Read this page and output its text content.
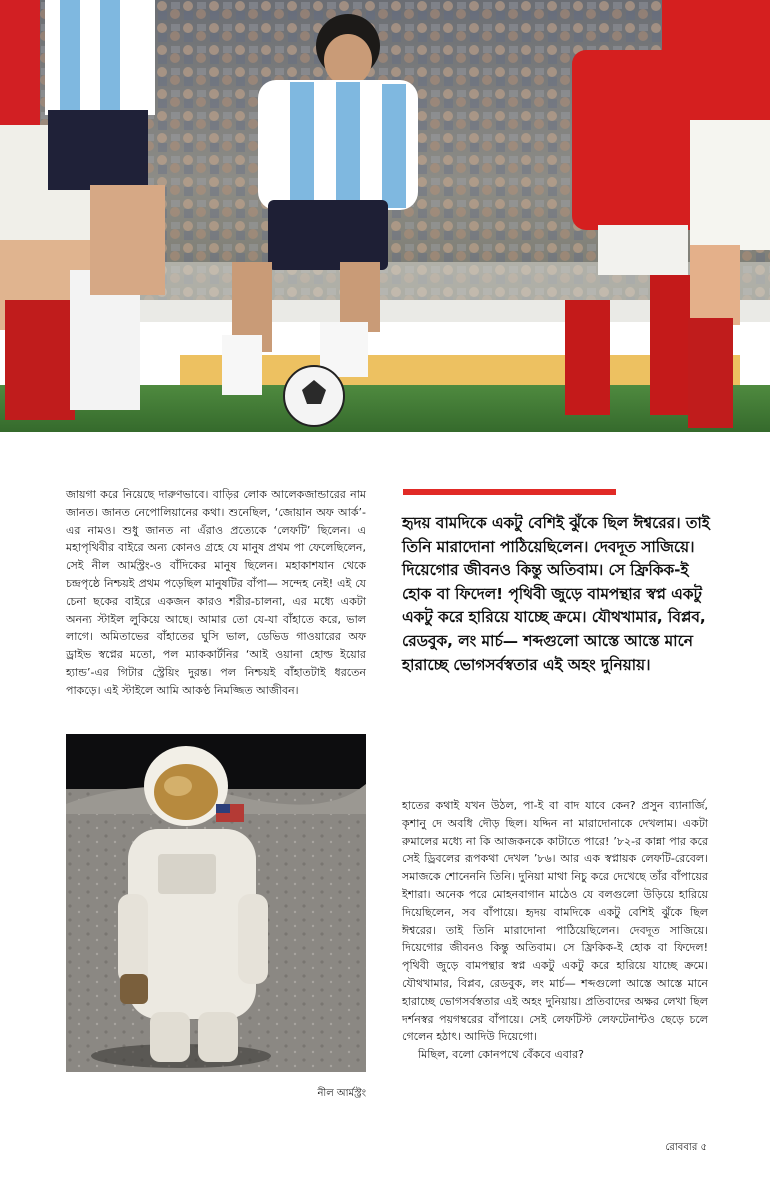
জায়গা করে নিয়েছে দারুণভাবে। বাড়ির লোক আলেকজান্ডারের নাম জানত। জানত নেপোলিয়ানের কথা। শুনেছিল, ‘জোয়ান অফ আর্ক’-এর নামও। শুধু জানত না এঁরাও প্রত্যেকে ‘লেফটি’ ছিলেন। এ মহাপৃথিবীর বাইরে অন্য কোনও গ্রহে যে মানুষ প্রথম পা ফেলেছিলেন, সেই নীল আর্মস্ট্রং-ও বাঁদিকের মানুষ ছিলেন। মহাকাশযান থেকে চন্দ্রপৃষ্ঠে নিশ্চয়ই প্রথম পড়েছিল মানুষটির বাঁপা— সন্দেহ নেই! এই যে চেনা ছকের বাইরে একজন কারও শরীর-চালনা, এর মধ্যে একটা অনন্য স্টাইল লুকিয়ে আছে। আমার তো যে-যা বাঁহাতে করে, ভাল লাগে। অমিতাভের বাঁহাতের ঘুসি ভাল, ডেভিড গাওয়ারের অফ ড্রাইভ স্বপ্নের মতো, পল ম্যাককার্টনির ‘আই ওয়ানা হোল্ড ইয়োর হ্যান্ড’-এর গিটার স্ট্রেয়িং দুরন্ত। পল নিশ্চয়ই বাঁহাতটাই ধরতেন পাকড়ে। এই স্টাইলে আমি আকণ্ঠ নিমজ্জিত আজীবন।
হৃদয় বামদিকে একটু বেশিই ঝুঁকে ছিল ঈশ্বরের। তাই তিনি মারাদোনা পাঠিয়েছিলেন। দেবদূত সাজিয়ে। দিয়েগোর জীবনও কিন্তু অতিবাম। সে ফ্রিকিক-ই হোক বা ফিদেল! পৃথিবী জুড়ে বামপন্থার স্বপ্ন একটু একটু করে হারিয়ে যাচ্ছে ক্রমে। যৌথখামার, বিপ্লব, রেডবুক, লং মার্চ— শব্দগুলো আস্তে আস্তে মানে হারাচ্ছে ভোগসর্বস্বতার এই অহং দুনিয়ায়।
নীল আর্মস্ট্রং

হাতের কথাই যখন উঠল, পা-ই বা বাদ যাবে কেন? প্রসুন ব্যানার্জি, কৃশানু দে অবধি দৌড় ছিল। যদ্দিন না মারাদোনাকে দেখলাম। একটা রুমালের মধ্যে না কি আজকনকে কাটাতে পারে! ’৮২-র কান্না পার করে সেই ড্রিবলের রূপকথা দেখল ’৮৬। আর এক স্বপ্নায়ক লেফটি-রেবেল। সমাজকে শোনেননি তিনি। দুনিয়া মাথা নিচু করে দেখেছে তাঁর বাঁপায়ের ইশারা। অনেক পরে মোহনবাগান মাঠেও যে বলগুলো উড়িয়ে হারিয়ে দিয়েছিলেন, সব বাঁপায়ে। হৃদয় বামদিকে একটু বেশিই ঝুঁকে ছিল ঈশ্বরের। তাই তিনি মারাদোনা পাঠিয়েছিলেন। দেবদূত সাজিয়ে। দিয়েগোর জীবনও কিন্তু অতিবাম। সে ফ্রিকিক-ই হোক বা ফিদেল! পৃথিবী জুড়ে বামপন্থার স্বপ্ন একটু একটু করে হারিয়ে যাচ্ছে ক্রমে। যৌথখামার, বিপ্লব, রেডবুক, লং মার্চ— শব্দগুলো আস্তে আস্তে মানে হারাচ্ছে ভোগসর্বস্বতার এই অহং দুনিয়ায়। প্রতিবাদের অক্ষর লেখা ছিল দর্শনস্বর পয়গম্বরের বাঁপায়ে। সেই লেফটিস্ট লেফটেনান্টও ছেড়ে চলে গেলেন হঠাৎ। আদিউ দিয়েগো।

মিছিল, বলো কোনপথে বেঁকবে এবার?

রোববার ৫
